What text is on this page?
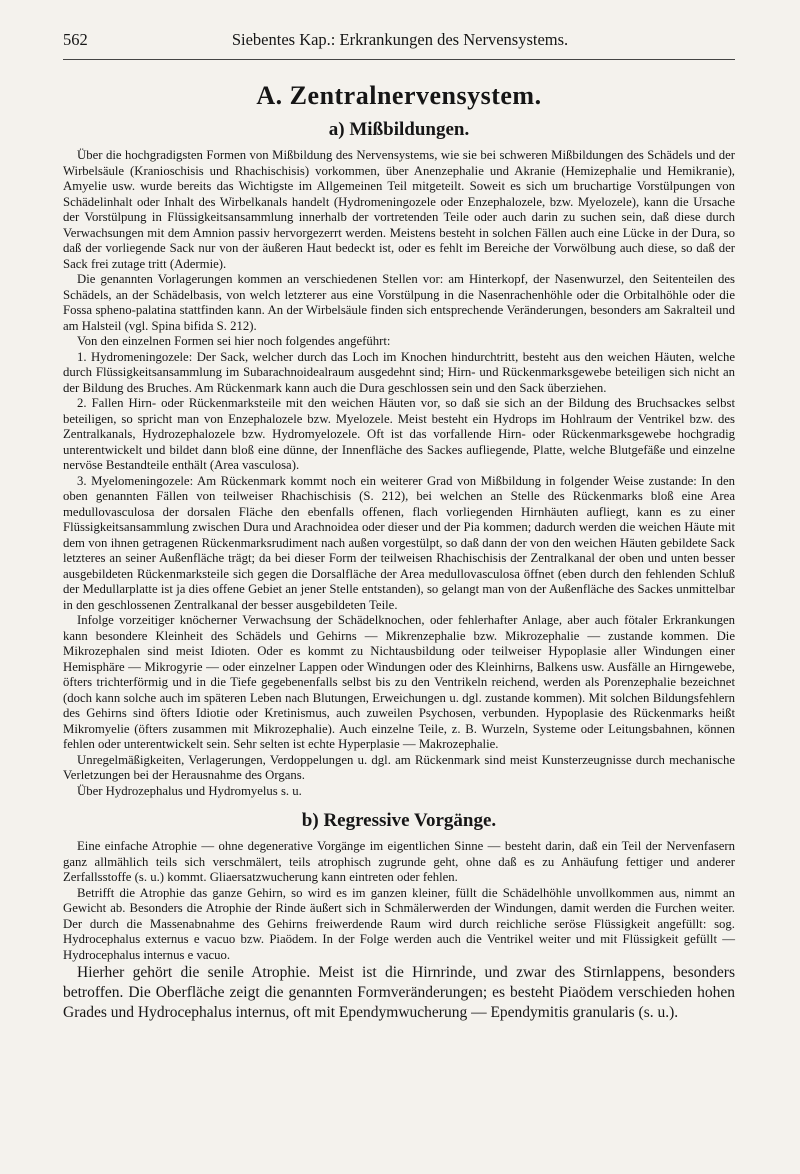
562	Siebentes Kap.: Erkrankungen des Nervensystems.
A. Zentralnervensystem.
a) Mißbildungen.

Über die hochgradigsten Formen von Mißbildung des Nervensystems, wie sie bei schweren Mißbildungen des Schädels und der Wirbelsäule (Kranioschisis und Rhachischisis) vorkommen, über Anenzephalie und Akranie (Hemizephalie und Hemikranie), Amyelie usw. wurde bereits das Wichtigste im Allgemeinen Teil mitgeteilt. Soweit es sich um bruchartige Vorstülpungen von Schädelinhalt oder Inhalt des Wirbelkanals handelt (Hydromeningozele oder Enzephalozele, bzw. Myelozele), kann die Ursache der Vorstülpung in Flüssigkeitsansammlung innerhalb der vortretenden Teile oder auch darin zu suchen sein, daß diese durch Verwachsungen mit dem Amnion passiv hervorgezerrt werden. Meistens besteht in solchen Fällen auch eine Lücke in der Dura, so daß der vorliegende Sack nur von der äußeren Haut bedeckt ist, oder es fehlt im Bereiche der Vorwölbung auch diese, so daß der Sack frei zutage tritt (Adermie).

Die genannten Vorlagerungen kommen an verschiedenen Stellen vor: am Hinterkopf, der Nasenwurzel, den Seitenteilen des Schädels, an der Schädelbasis, von welch letzterer aus eine Vorstülpung in die Nasenrachenhöhle oder die Orbitalhöhle oder die Fossa spheno-palatina stattfinden kann. An der Wirbelsäule finden sich entsprechende Veränderungen, besonders am Sakralteil und am Halsteil (vgl. Spina bifida S. 212).

Von den einzelnen Formen sei hier noch folgendes angeführt:

1. Hydromeningozele: Der Sack, welcher durch das Loch im Knochen hindurchtritt, besteht aus den weichen Häuten, welche durch Flüssigkeitsansammlung im Subarachnoidealraum ausgedehnt sind; Hirn- und Rückenmarksgewebe beteiligen sich nicht an der Bildung des Bruches. Am Rückenmark kann auch die Dura geschlossen sein und den Sack überziehen.

2. Fallen Hirn- oder Rückenmarksteile mit den weichen Häuten vor, so daß sie sich an der Bildung des Bruchsackes selbst beteiligen, so spricht man von Enzephalozele bzw. Myelozele. Meist besteht ein Hydrops im Hohlraum der Ventrikel bzw. des Zentralkanals, Hydrozephalozele bzw. Hydromyelozele. Oft ist das vorfallende Hirn- oder Rückenmarksgewebe hochgradig unterentwickelt und bildet dann bloß eine dünne, der Innenfläche des Sackes aufliegende, Platte, welche Blutgefäße und einzelne nervöse Bestandteile enthält (Area vasculosa).

3. Myelomeningozele: Am Rückenmark kommt noch ein weiterer Grad von Mißbildung in folgender Weise zustande: In den oben genannten Fällen von teilweiser Rhachischisis (S. 212), bei welchen an Stelle des Rückenmarks bloß eine Area medullovasculosa der dorsalen Fläche den ebenfalls offenen, flach vorliegenden Hirnhäuten aufliegt, kann es zu einer Flüssigkeitsansammlung zwischen Dura und Arachnoidea oder dieser und der Pia kommen; dadurch werden die weichen Häute mit dem von ihnen getragenen Rückenmarksrudiment nach außen vorgestülpt, so daß dann der von den weichen Häuten gebildete Sack letzteres an seiner Außenfläche trägt; da bei dieser Form der teilweisen Rhachischisis der Zentralkanal der oben und unten besser ausgebildeten Rückenmarksteile sich gegen die Dorsalfläche der Area medullovasculosa öffnet (eben durch den fehlenden Schluß der Medullarplatte ist ja dies offene Gebiet an jener Stelle entstanden), so gelangt man von der Außenfläche des Sackes unmittelbar in den geschlossenen Zentralkanal der besser ausgebildeten Teile.

Infolge vorzeitiger knöcherner Verwachsung der Schädelknochen, oder fehlerhafter Anlage, aber auch fötaler Erkrankungen kann besondere Kleinheit des Schädels und Gehirns — Mikrenzephalie bzw. Mikrozephalie — zustande kommen. Die Mikrozephalen sind meist Idioten. Oder es kommt zu Nichtausbildung oder teilweiser Hypoplasie aller Windungen einer Hemisphäre — Mikrogyrie — oder einzelner Lappen oder Windungen oder des Kleinhirns, Balkens usw. Ausfälle an Hirngewebe, öfters trichterförmig und in die Tiefe gegebenenfalls selbst bis zu den Ventrikeln reichend, werden als Porenzephalie bezeichnet (doch kann solche auch im späteren Leben nach Blutungen, Erweichungen u. dgl. zustande kommen). Mit solchen Bildungsfehlern des Gehirns sind öfters Idiotie oder Kretinismus, auch zuweilen Psychosen, verbunden. Hypoplasie des Rückenmarks heißt Mikromyelie (öfters zusammen mit Mikrozephalie). Auch einzelne Teile, z. B. Wurzeln, Systeme oder Leitungsbahnen, können fehlen oder unterentwickelt sein. Sehr selten ist echte Hyperplasie — Makrozephalie.

Unregelmäßigkeiten, Verlagerungen, Verdoppelungen u. dgl. am Rückenmark sind meist Kunsterzeugnisse durch mechanische Verletzungen bei der Herausnahme des Organs.

Über Hydrozephalus und Hydromyelus s. u.

b) Regressive Vorgänge.

Eine einfache Atrophie — ohne degenerative Vorgänge im eigentlichen Sinne — besteht darin, daß ein Teil der Nervenfasern ganz allmählich teils sich verschmälert, teils atrophisch zugrunde geht, ohne daß es zu Anhäufung fettiger und anderer Zerfallsstoffe (s. u.) kommt. Gliaersatzwucherung kann eintreten oder fehlen.

Betrifft die Atrophie das ganze Gehirn, so wird es im ganzen kleiner, füllt die Schädelhöhle unvollkommen aus, nimmt an Gewicht ab. Besonders die Atrophie der Rinde äußert sich in Schmälerwerden der Windungen, damit werden die Furchen weiter. Der durch die Massenabnahme des Gehirns freiwerdende Raum wird durch reichliche seröse Flüssigkeit angefüllt: sog. Hydrocephalus externus e vacuo bzw. Piaödem. In der Folge werden auch die Ventrikel weiter und mit Flüssigkeit gefüllt — Hydrocephalus internus e vacuo.

Hierher gehört die senile Atrophie. Meist ist die Hirnrinde, und zwar des Stirnlappens, besonders betroffen. Die Oberfläche zeigt die genannten Formveränderungen; es besteht Piaödem verschieden hohen Grades und Hydrocephalus internus, oft mit Ependymwucherung — Ependymitis granularis (s. u.).
